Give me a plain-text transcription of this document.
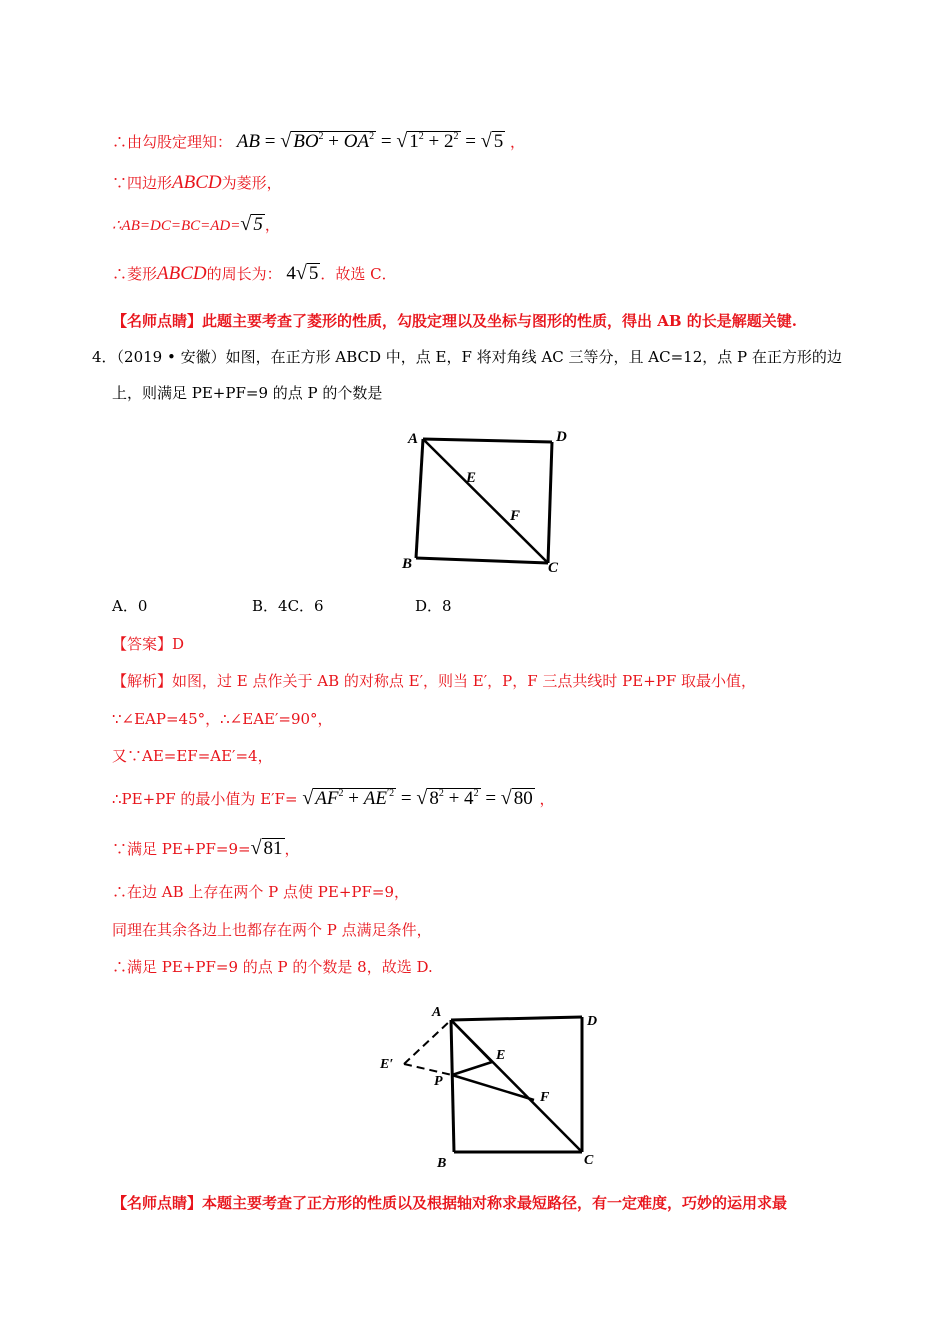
∴由勾股定理知： AB = √ $BO^2 + OA^2$ = √ $1^2 + 2^2$ = √ 5 ，
∵四边形ABCD为菱形，
∴AB=DC=BC=AD=√ 5 ，
∴菱形ABCD的周长为： 4√ 5 ．故选 C．
【名师点睛】此题主要考查了菱形的性质，勾股定理以及坐标与图形的性质，得出 AB 的长是解题关键.
4．（2019 • 安徽）如图，在正方形 ABCD 中，点 E，F 将对角线 AC 三等分，且 AC=12，点 P 在正方形的边
上，则满足 PE+PF=9 的点 P 的个数是
A	D
B	C
E
F
A．0	B．4C．6	D．8
【答案】D
【解析】如图，过 E 点作关于 AB 的对称点 E′，则当 E′，P，F 三点共线时 PE+PF 取最小值，
∵∠EAP=45°，∴∠EAE′=90°，
又∵AE=EF=AE′=4，
∴PE+PF 的最小值为 E′F= √ $AF^2 + AE^{'2}$ = √ $8^2 + 4^2$ = √ 80 ，
∵满足 PE+PF=9=√ 81 ，
∴在边 AB 上存在两个 P 点使 PE+PF=9，
同理在其余各边上也都存在两个 P 点满足条件，
∴满足 PE+PF=9 的点 P 的个数是 8，故选 D.
A
D
B	C
E
F
P
E′
【名师点睛】本题主要考查了正方形的性质以及根据轴对称求最短路径，有一定难度，巧妙的运用求最
